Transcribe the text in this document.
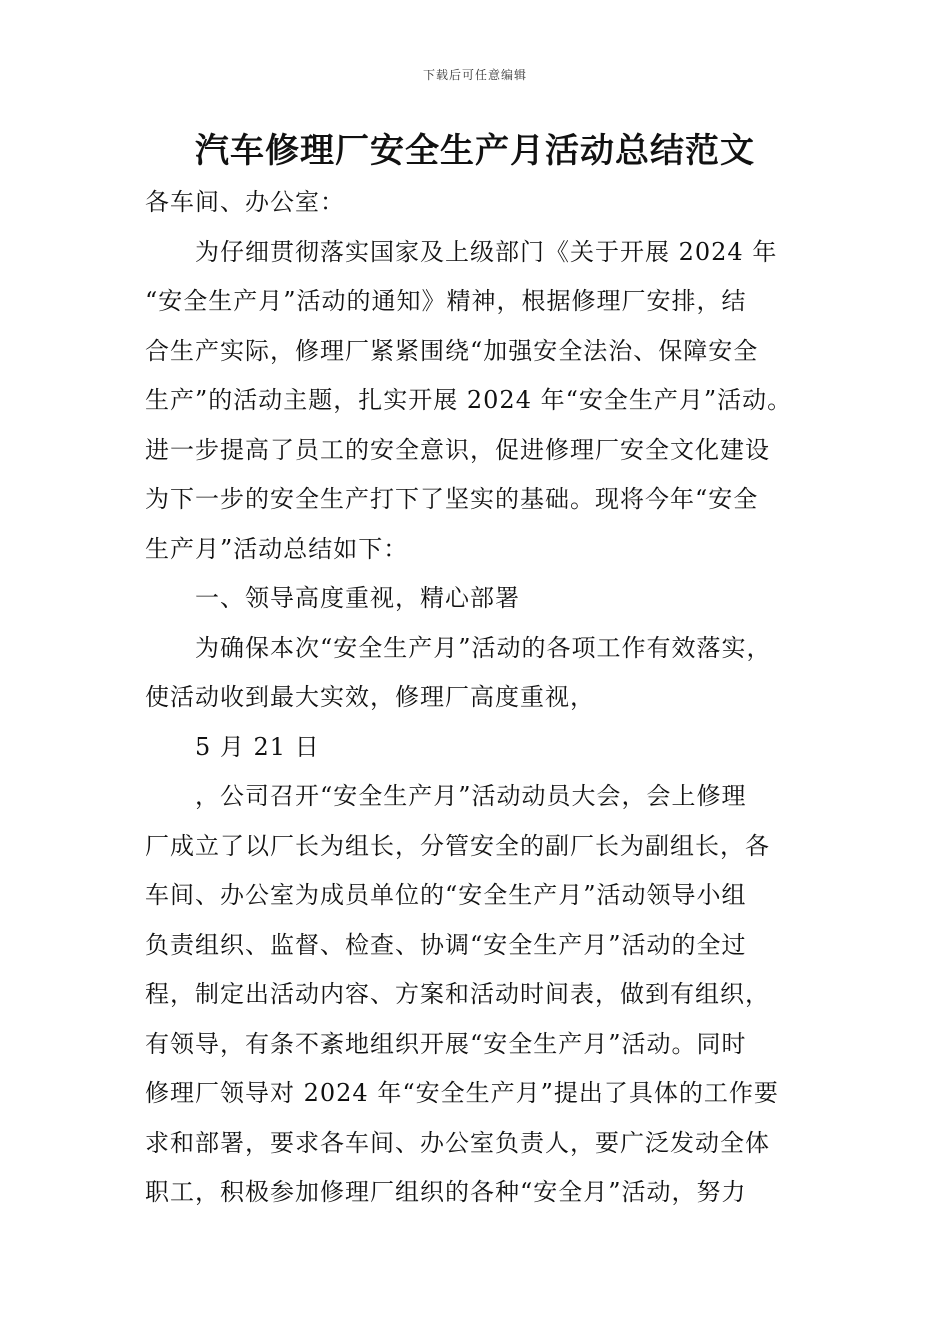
下载后可任意编辑
汽车修理厂安全生产月活动总结范文
各车间、办公室：
为仔细贯彻落实国家及上级部门《关于开展 2024 年
“安全生产月”活动的通知》精神，根据修理厂安排，结
合生产实际，修理厂紧紧围绕“加强安全法治、保障安全
生产”的活动主题，扎实开展 2024 年“安全生产月”活动。
进一步提高了员工的安全意识，促进修理厂安全文化建设
为下一步的安全生产打下了坚实的基础。现将今年“安全
生产月”活动总结如下：
一、领导高度重视，精心部署
为确保本次“安全生产月”活动的各项工作有效落实，
使活动收到最大实效，修理厂高度重视，
5 月 21 日
，公司召开“安全生产月”活动动员大会，会上修理
厂成立了以厂长为组长，分管安全的副厂长为副组长，各
车间、办公室为成员单位的“安全生产月”活动领导小组
负责组织、监督、检查、协调“安全生产月”活动的全过
程，制定出活动内容、方案和活动时间表，做到有组织，
有领导，有条不紊地组织开展“安全生产月”活动。同时
修理厂领导对 2024 年“安全生产月”提出了具体的工作要
求和部署，要求各车间、办公室负责人，要广泛发动全体
职工，积极参加修理厂组织的各种“安全月”活动，努力
